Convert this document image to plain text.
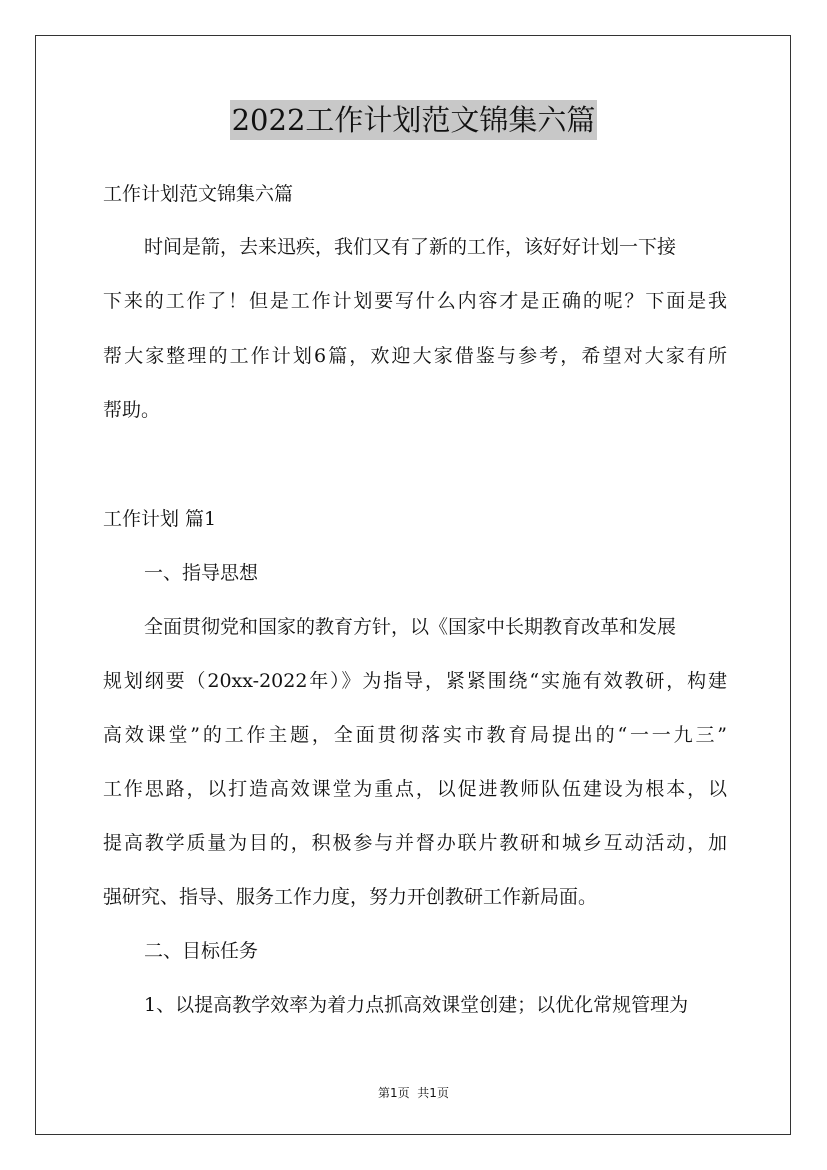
2022工作计划范文锦集六篇

工作计划范文锦集六篇

时间是箭，去来迅疾，我们又有了新的工作，该好好计划一下接

下来的工作了！但是工作计划要写什么内容才是正确的呢？下面是我

帮大家整理的工作计划6篇，欢迎大家借鉴与参考，希望对大家有所

帮助。

工作计划 篇1

一、指导思想

全面贯彻党和国家的教育方针，以《国家中长期教育改革和发展

规划纲要（20xx-2022年）》为指导，紧紧围绕“实施有效教研，构建

高效课堂”的工作主题，全面贯彻落实市教育局提出的“一一九三”

工作思路，以打造高效课堂为重点，以促进教师队伍建设为根本，以

提高教学质量为目的，积极参与并督办联片教研和城乡互动活动，加

强研究、指导、服务工作力度，努力开创教研工作新局面。

二、目标任务

1、以提高教学效率为着力点抓高效课堂创建；以优化常规管理为

第1页  共1页
